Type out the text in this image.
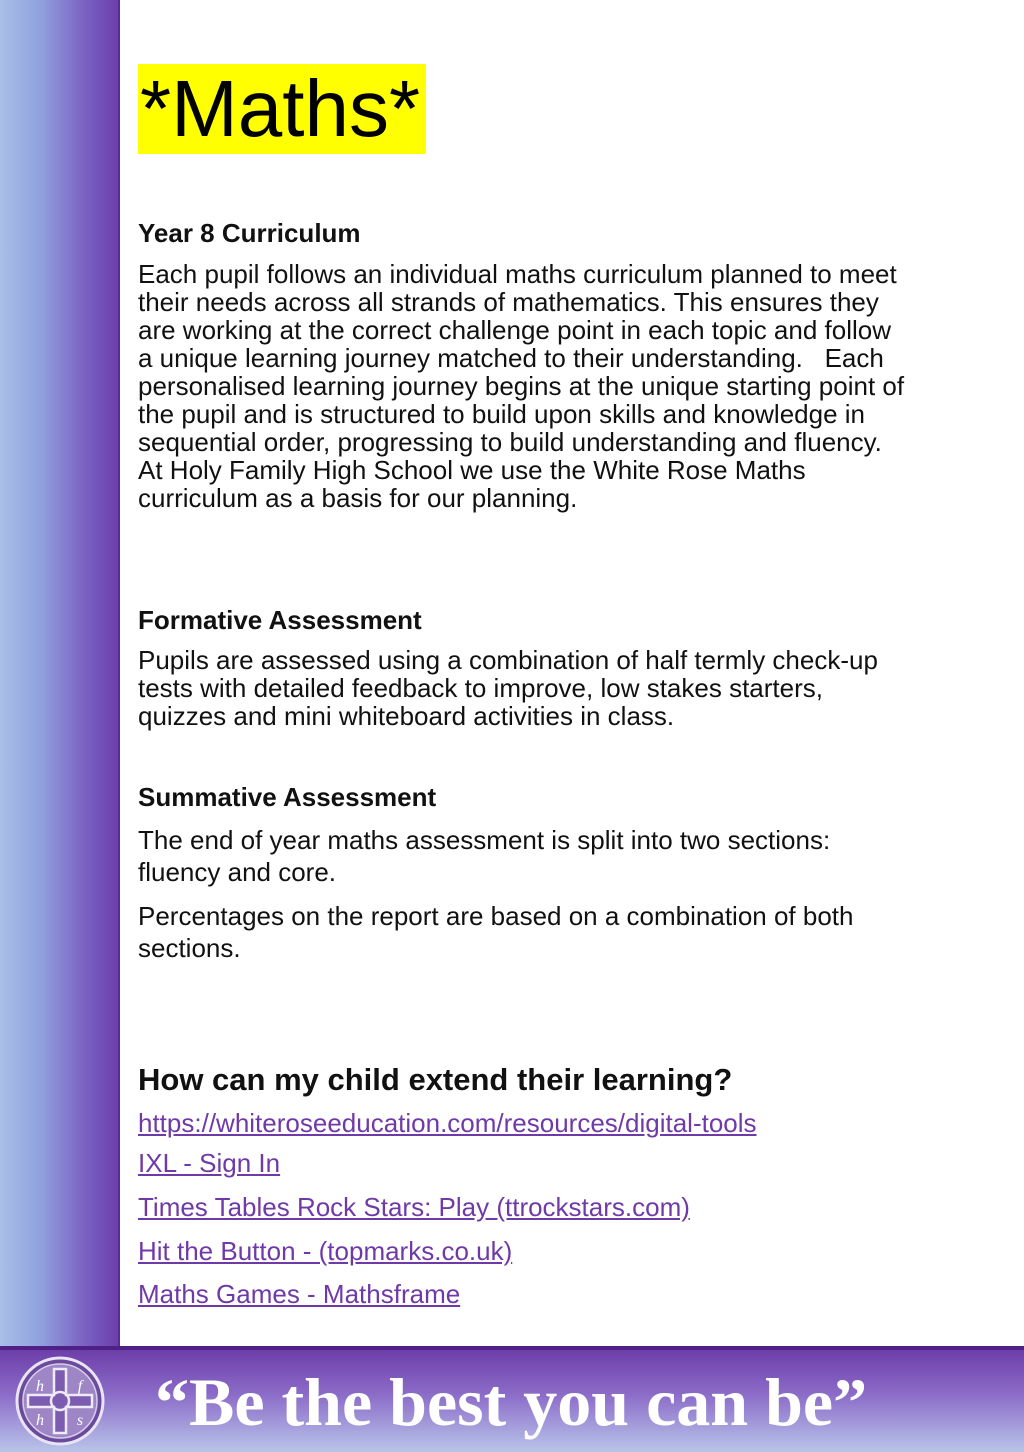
*Maths*
Year 8 Curriculum
Each pupil follows an individual maths curriculum planned to meet
their needs across all strands of mathematics. This ensures they
are working at the correct challenge point in each topic and follow
a unique learning journey matched to their understanding.   Each
personalised learning journey begins at the unique starting point of
the pupil and is structured to build upon skills and knowledge in
sequential order, progressing to build understanding and fluency.
At Holy Family High School we use the White Rose Maths
curriculum as a basis for our planning.
Formative Assessment
Pupils are assessed using a combination of half termly check-up
tests with detailed feedback to improve, low stakes starters,
quizzes and mini whiteboard activities in class.
Summative Assessment
The end of year maths assessment is split into two sections:
fluency and core.
Percentages on the report are based on a combination of both
sections.
How can my child extend their learning?
https://whiteroseeducation.com/resources/digital-tools
IXL - Sign In
Times Tables Rock Stars: Play (ttrockstars.com)
Hit the Button - (topmarks.co.uk)
Maths Games - Mathsframe
h f
h s “Be the best you can be”
